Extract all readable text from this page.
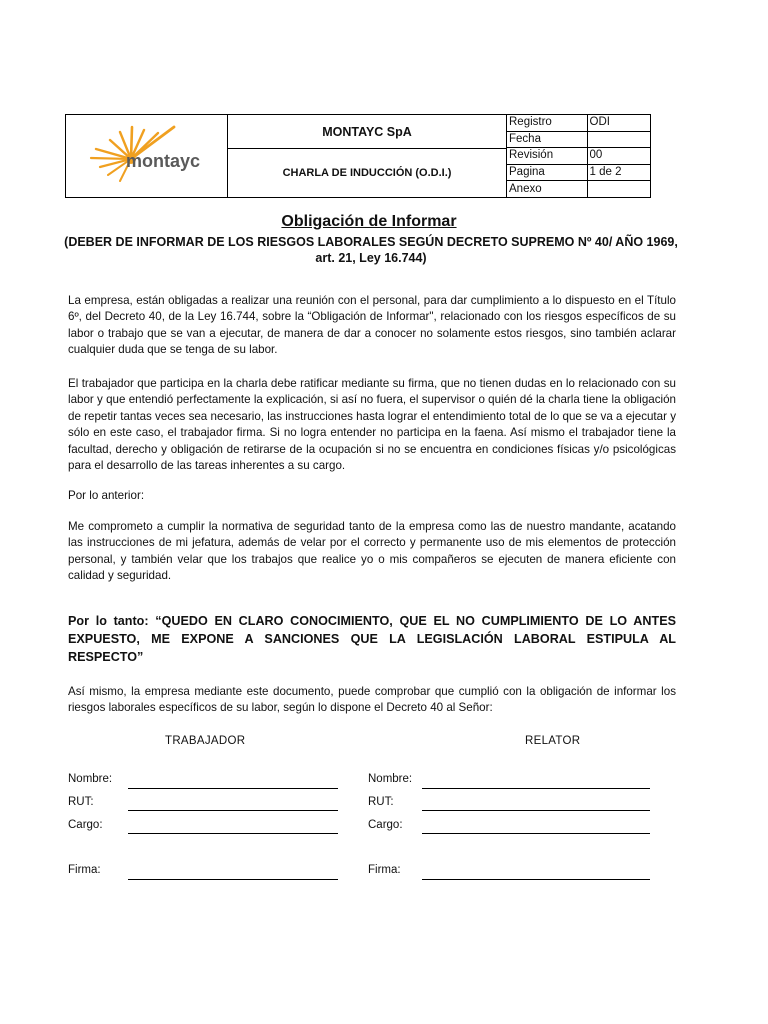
montayc
MONTAYC SpA
CHARLA DE INDUCCIÓN (O.D.I.)
Registro	ODI
Fecha	
Revisión	00
Pagina	1 de 2
Anexo	
Obligación de Informar
(DEBER DE INFORMAR DE LOS RIESGOS LABORALES SEGÚN DECRETO SUPREMO Nº 40/ AÑO 1969,
art. 21, Ley 16.744)
La empresa, están obligadas a realizar una reunión con el personal, para dar cumplimiento a lo dispuesto en el Título 6º, del Decreto 40, de la Ley 16.744, sobre la “Obligación de Informar", relacionado con los riesgos específicos de su labor o trabajo que se van a ejecutar, de manera de dar a conocer no solamente estos riesgos, sino también aclarar cualquier duda que se tenga de su labor.
El trabajador que participa en la charla debe ratificar mediante su firma, que no tienen dudas en lo relacionado con su labor y que entendió perfectamente la explicación, si así no fuera, el supervisor o quién dé la charla tiene la obligación de repetir tantas veces sea necesario, las instrucciones hasta lograr el entendimiento total de lo que se va a ejecutar y sólo en este caso, el trabajador firma. Si no logra entender no participa en la faena. Así mismo el trabajador tiene la facultad, derecho y obligación de retirarse de la ocupación si no se encuentra en condiciones físicas y/o psicológicas para el desarrollo de las tareas inherentes a su cargo.
Por lo anterior:
Me comprometo a cumplir la normativa de seguridad tanto de la empresa como las de nuestro mandante, acatando las instrucciones de mi jefatura, además de velar por el correcto y permanente uso de mis elementos de protección personal, y también velar que los trabajos que realice yo o mis compañeros se ejecuten de manera eficiente con calidad y seguridad.
Por lo tanto: “QUEDO EN CLARO CONOCIMIENTO, QUE EL NO CUMPLIMIENTO DE LO ANTES EXPUESTO, ME EXPONE A SANCIONES QUE LA LEGISLACIÓN LABORAL ESTIPULA AL RESPECTO”
Así mismo, la empresa mediante este documento, puede comprobar que cumplió con la obligación de informar los riesgos laborales específicos de su labor, según lo dispone el Decreto 40 al Señor:
TRABAJADOR	RELATOR
Nombre:
RUT:
Cargo:
Firma:
Nombre:
RUT:
Cargo:
Firma:
